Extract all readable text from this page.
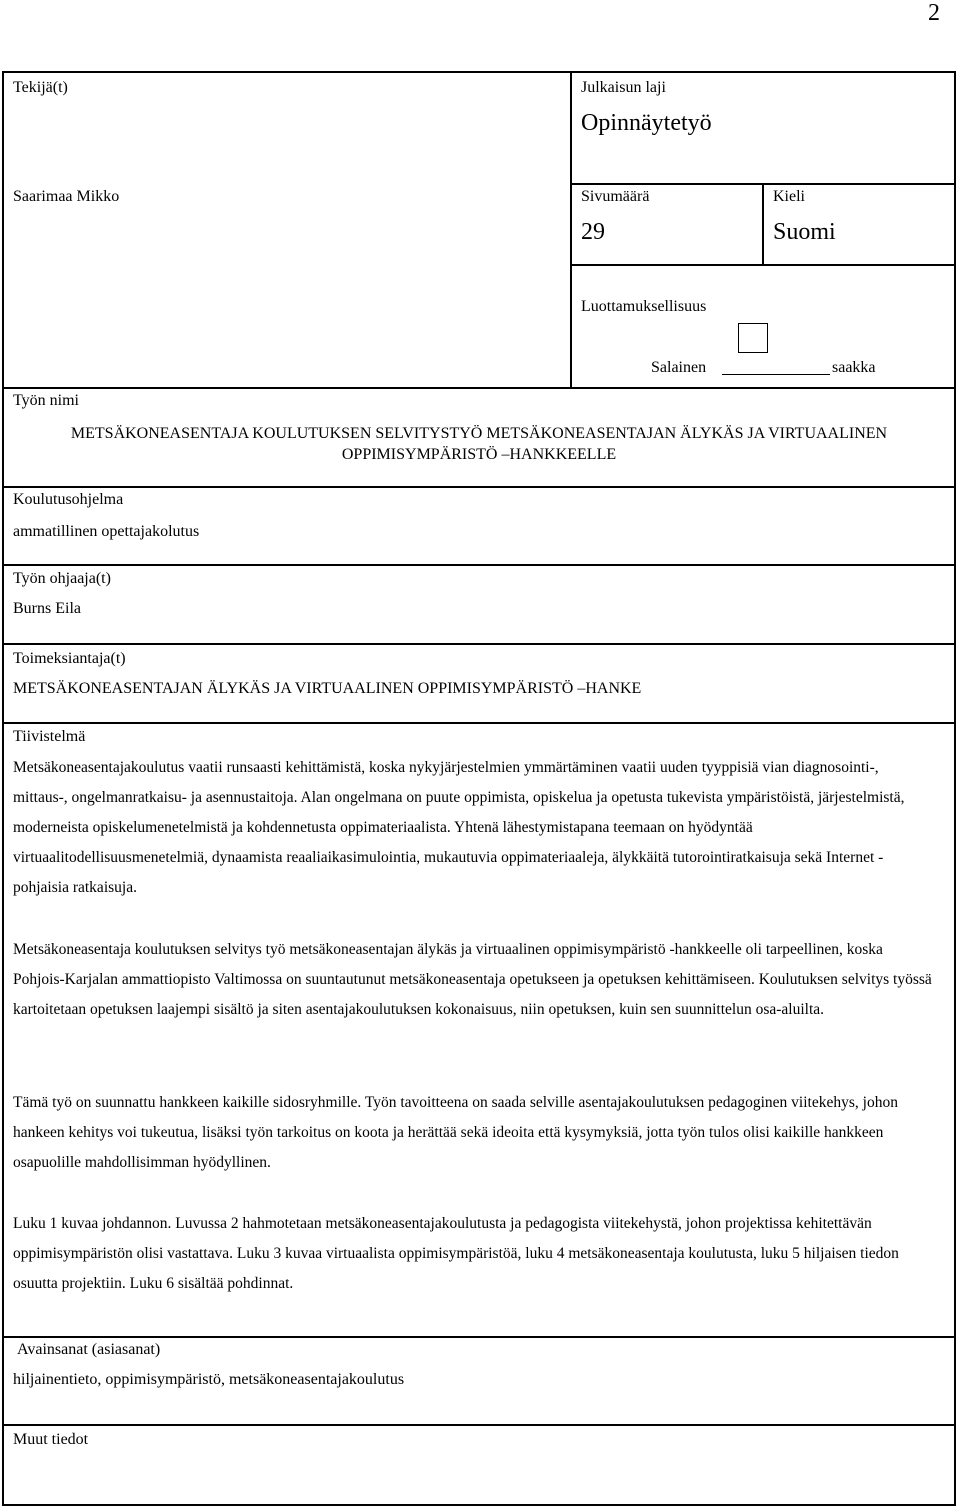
2
Tekijä(t)
Saarimaa Mikko
Julkaisun laji
Opinnäytetyö
Sivumäärä
29
Kieli
Suomi
Luottamuksellisuus
Salainen	saakka
Työn nimi
METSÄKONEASENTAJA KOULUTUKSEN SELVITYSTYÖ METSÄKONEASENTAJAN ÄLYKÄS JA VIRTUAALINEN
OPPIMISYMPÄRISTÖ –HANKKEELLE
Koulutusohjelma
ammatillinen opettajakolutus
Työn ohjaaja(t)
Burns Eila
Toimeksiantaja(t)
METSÄKONEASENTAJAN ÄLYKÄS JA VIRTUAALINEN OPPIMISYMPÄRISTÖ –HANKE
Tiivistelmä

Metsäkoneasentajakoulutus vaatii runsaasti kehittämistä, koska nykyjärjestelmien ymmärtäminen vaatii uuden tyyppisiä vian diagnosointi-, mittaus-, ongelmanratkaisu- ja asennustaitoja. Alan ongelmana on puute oppimista, opiskelua ja opetusta tukevista ympäristöistä, järjestelmistä, moderneista opiskelumenetelmistä ja kohdennetusta oppimateriaalista. Yhtenä lähestymistapana teemaan on hyödyntää virtuaalitodellisuusmenetelmiä, dynaamista reaaliaikasimulointia, mukautuvia oppimateriaaleja, älykkäitä tutorointiratkaisuja sekä Internet -pohjaisia ratkaisuja.

Metsäkoneasentaja koulutuksen selvitys työ metsäkoneasentajan älykäs ja virtuaalinen oppimisympäristö -hankkeelle oli tarpeellinen, koska Pohjois-Karjalan ammattiopisto Valtimossa on suuntautunut metsäkoneasentaja opetukseen ja opetuksen kehittämiseen. Koulutuksen selvitys työssä kartoitetaan opetuksen laajempi sisältö ja siten asentajakoulutuksen kokonaisuus, niin opetuksen, kuin sen suunnittelun osa-aluilta.

Tämä työ on suunnattu hankkeen kaikille sidosryhmille. Työn tavoitteena on saada selville asentajakoulutuksen pedagoginen viitekehys, johon hankeen kehitys voi tukeutua, lisäksi työn tarkoitus on koota ja herättää sekä ideoita että kysymyksiä, jotta työn tulos olisi kaikille hankkeen osapuolille mahdollisimman hyödyllinen.

Luku 1 kuvaa johdannon. Luvussa 2 hahmotetaan metsäkoneasentajakoulutusta ja pedagogista viitekehystä, johon projektissa kehitettävän oppimisympäristön olisi vastattava. Luku 3 kuvaa virtuaalista oppimisympäristöä, luku 4 metsäkoneasentaja koulutusta, luku 5 hiljaisen tiedon osuutta projektiin. Luku 6 sisältää pohdinnat.

Avainsanat (asiasanat)
hiljainentieto, oppimisympäristö, metsäkoneasentajakoulutus
Muut tiedot
